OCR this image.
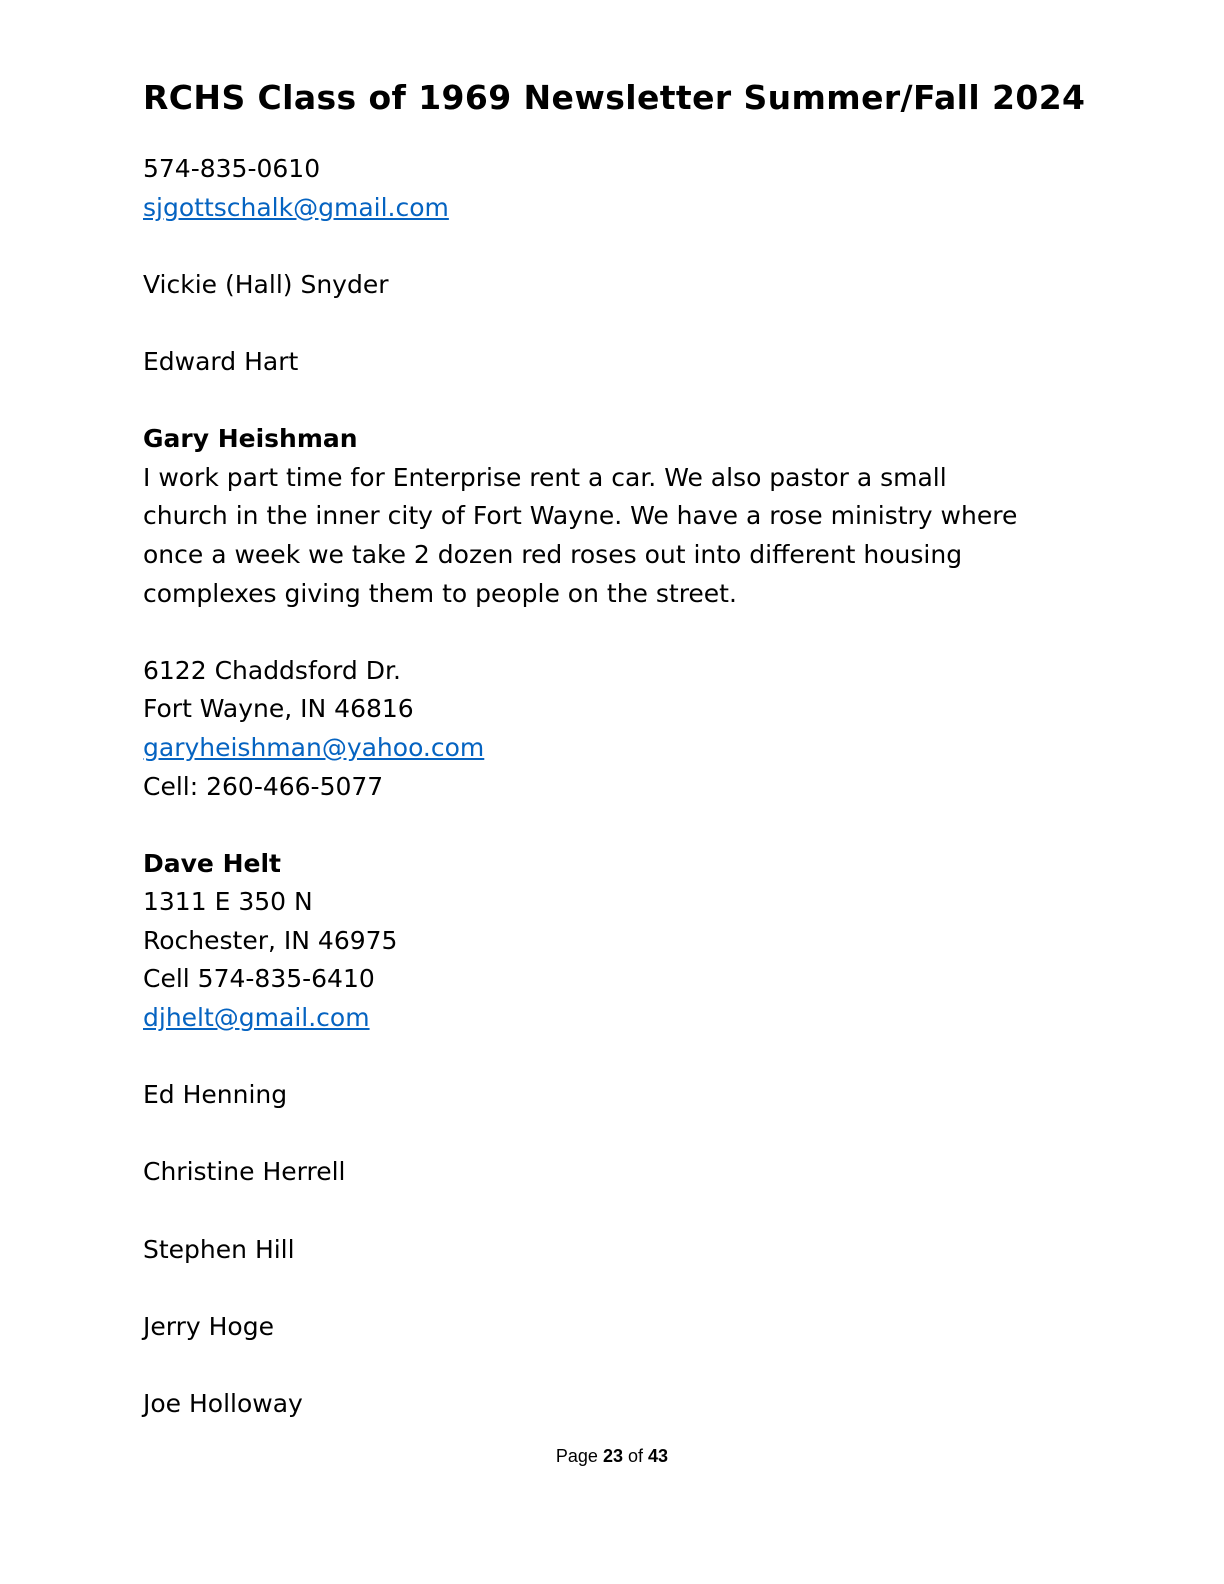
RCHS Class of 1969 Newsletter Summer/Fall 2024
574-835-0610
sjgottschalk@gmail.com
Vickie (Hall) Snyder
Edward Hart
Gary Heishman
I work part time for Enterprise rent a car. We also pastor a small
church in the inner city of Fort Wayne. We have a rose ministry where
once a week we take 2 dozen red roses out into different housing
complexes giving them to people on the street.
6122 Chaddsford Dr.
Fort Wayne, IN 46816
garyheishman@yahoo.com
Cell: 260-466-5077
Dave Helt
1311 E 350 N
Rochester, IN 46975
Cell 574-835-6410
djhelt@gmail.com
Ed Henning
Christine Herrell
Stephen Hill
Jerry Hoge
Joe Holloway
Page 23 of 43
